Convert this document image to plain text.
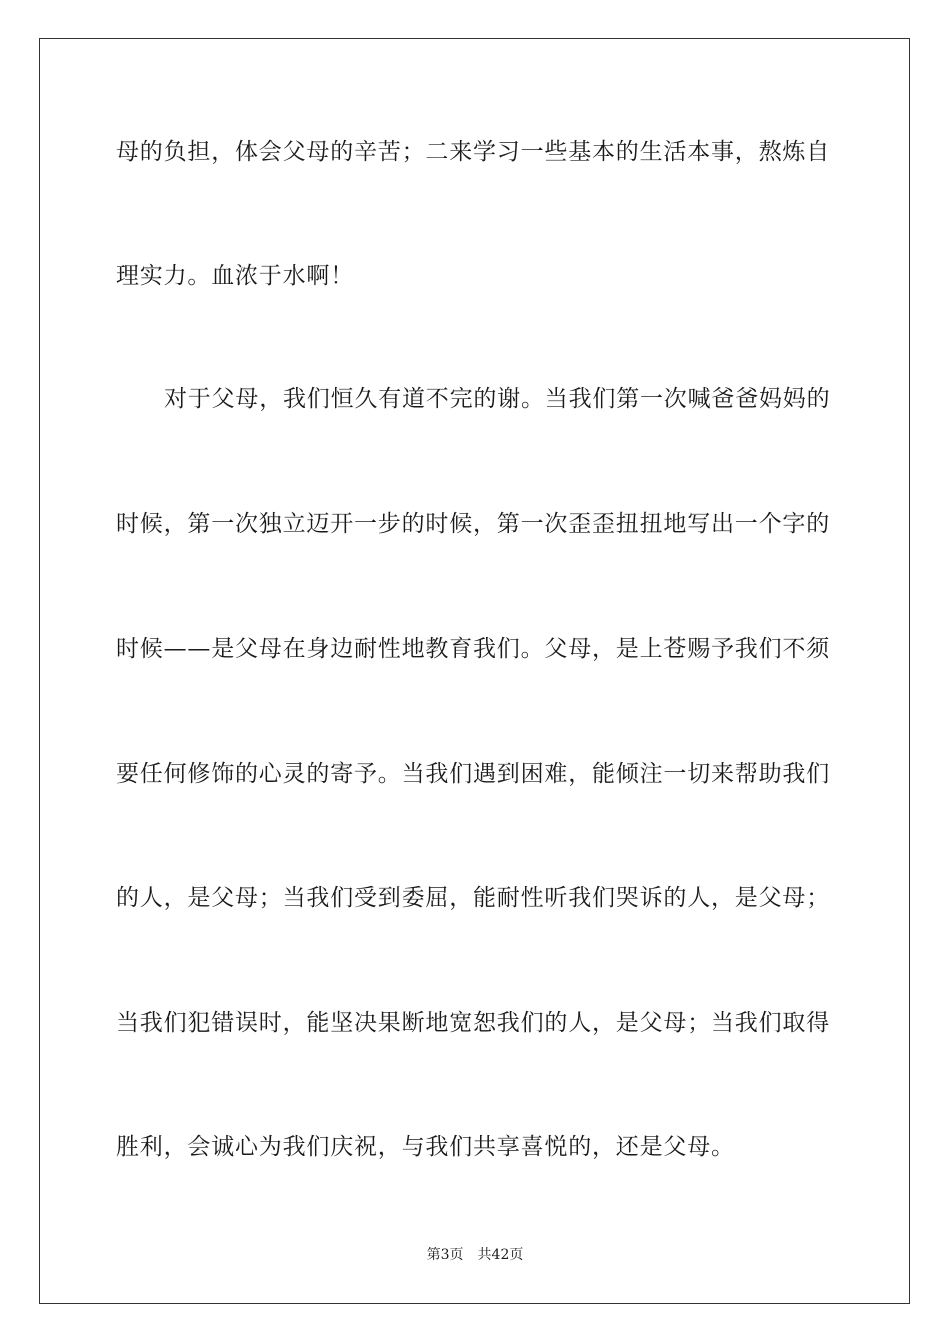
母的负担，体会父母的辛苦；二来学习一些基本的生活本事，熬炼自
理实力。血浓于水啊！
对于父母，我们恒久有道不完的谢。当我们第一次喊爸爸妈妈的
时候，第一次独立迈开一步的时候，第一次歪歪扭扭地写出一个字的
时候——是父母在身边耐性地教育我们。父母，是上苍赐予我们不须
要任何修饰的心灵的寄予。当我们遇到困难，能倾注一切来帮助我们
的人，是父母；当我们受到委屈，能耐性听我们哭诉的人，是父母；
当我们犯错误时，能坚决果断地宽恕我们的人，是父母；当我们取得
胜利，会诚心为我们庆祝，与我们共享喜悦的，还是父母。
第3页 共42页
